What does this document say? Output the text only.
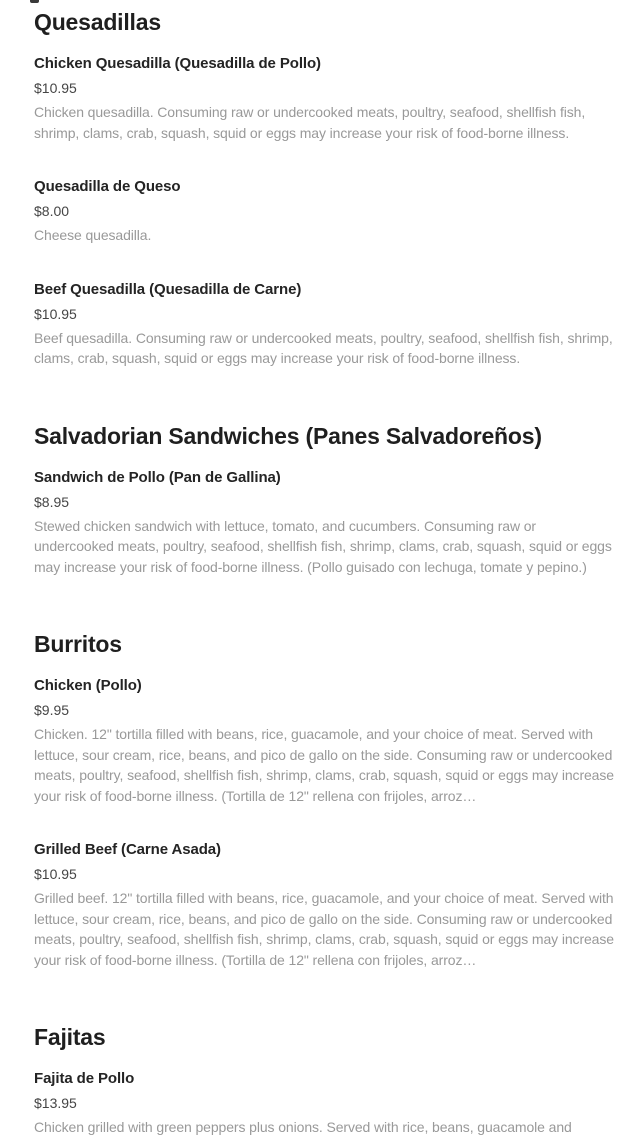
Quesadillas
Chicken Quesadilla (Quesadilla de Pollo)
$10.95
Chicken quesadilla. Consuming raw or undercooked meats, poultry, seafood, shellfish fish, shrimp, clams, crab, squash, squid or eggs may increase your risk of food-borne illness.
Quesadilla de Queso
$8.00
Cheese quesadilla.
Beef Quesadilla (Quesadilla de Carne)
$10.95
Beef quesadilla. Consuming raw or undercooked meats, poultry, seafood, shellfish fish, shrimp, clams, crab, squash, squid or eggs may increase your risk of food-borne illness.
Salvadorian Sandwiches (Panes Salvadoreños)
Sandwich de Pollo (Pan de Gallina)
$8.95
Stewed chicken sandwich with lettuce, tomato, and cucumbers. Consuming raw or undercooked meats, poultry, seafood, shellfish fish, shrimp, clams, crab, squash, squid or eggs may increase your risk of food-borne illness. (Pollo guisado con lechuga, tomate y pepino.)
Burritos
Chicken (Pollo)
$9.95
Chicken. 12" tortilla filled with beans, rice, guacamole, and your choice of meat. Served with lettuce, sour cream, rice, beans, and pico de gallo on the side. Consuming raw or undercooked meats, poultry, seafood, shellfish fish, shrimp, clams, crab, squash, squid or eggs may increase your risk of food-borne illness. (Tortilla de 12" rellena con frijoles, arroz…
Grilled Beef (Carne Asada)
$10.95
Grilled beef. 12" tortilla filled with beans, rice, guacamole, and your choice of meat. Served with lettuce, sour cream, rice, beans, and pico de gallo on the side. Consuming raw or undercooked meats, poultry, seafood, shellfish fish, shrimp, clams, crab, squash, squid or eggs may increase your risk of food-borne illness. (Tortilla de 12" rellena con frijoles, arroz…
Fajitas
Fajita de Pollo
$13.95
Chicken grilled with green peppers plus onions. Served with rice, beans, guacamole and
